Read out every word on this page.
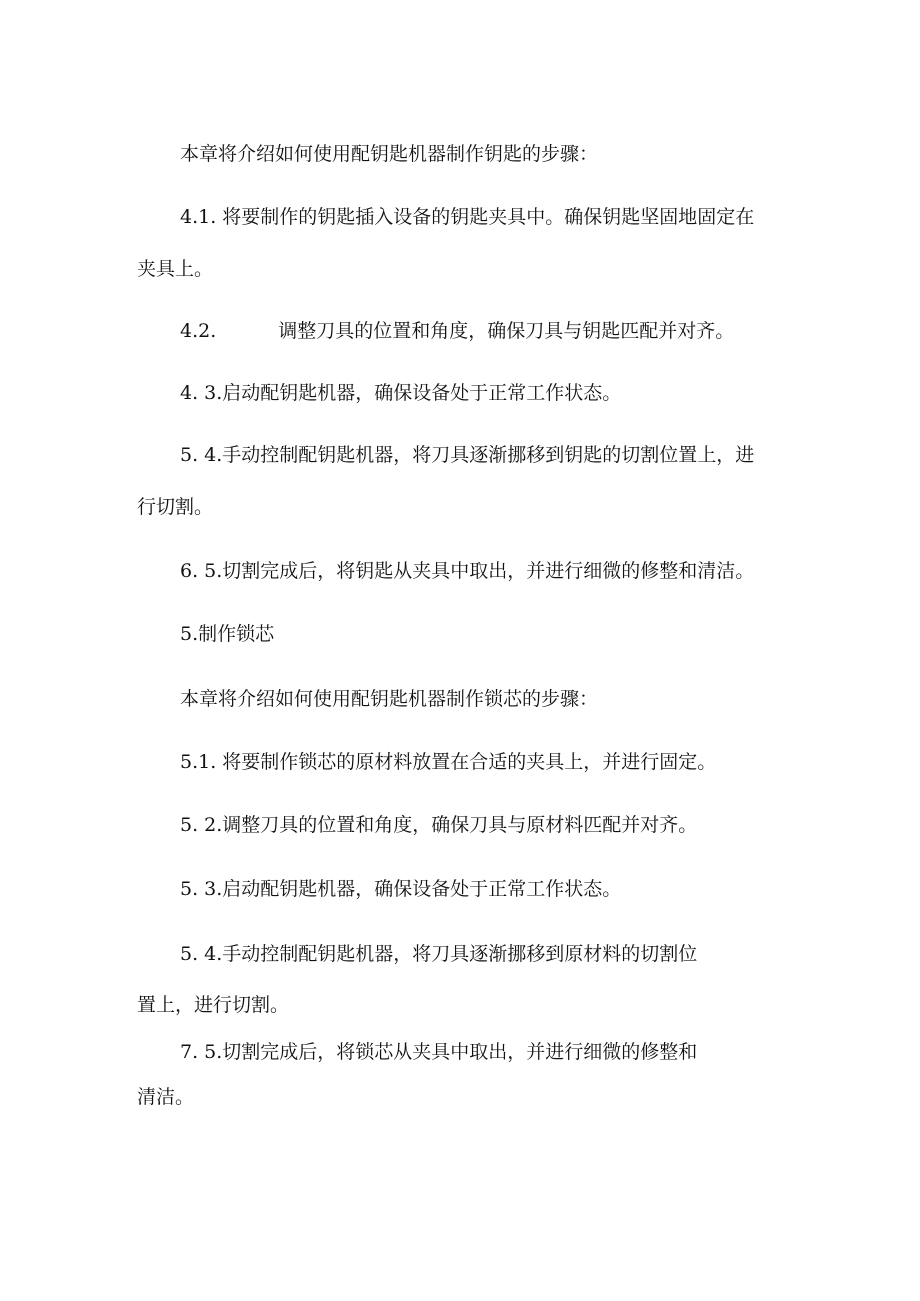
本章将介绍如何使用配钥匙机器制作钥匙的步骤：
4.1. 将要制作的钥匙插入设备的钥匙夹具中。确保钥匙坚固地固定在
夹具上。
4.2.	调整刀具的位置和角度，确保刀具与钥匙匹配并对齐。
4. 3.启动配钥匙机器，确保设备处于正常工作状态。
5. 4.手动控制配钥匙机器，将刀具逐渐挪移到钥匙的切割位置上，进
行切割。
6. 5.切割完成后，将钥匙从夹具中取出，并进行细微的修整和清洁。
5.制作锁芯
本章将介绍如何使用配钥匙机器制作锁芯的步骤：
5.1. 将要制作锁芯的原材料放置在合适的夹具上，并进行固定。
5. 2.调整刀具的位置和角度，确保刀具与原材料匹配并对齐。
5. 3.启动配钥匙机器，确保设备处于正常工作状态。
5. 4.手动控制配钥匙机器，将刀具逐渐挪移到原材料的切割位
置上，进行切割。
7. 5.切割完成后，将锁芯从夹具中取出，并进行细微的修整和
清洁。
